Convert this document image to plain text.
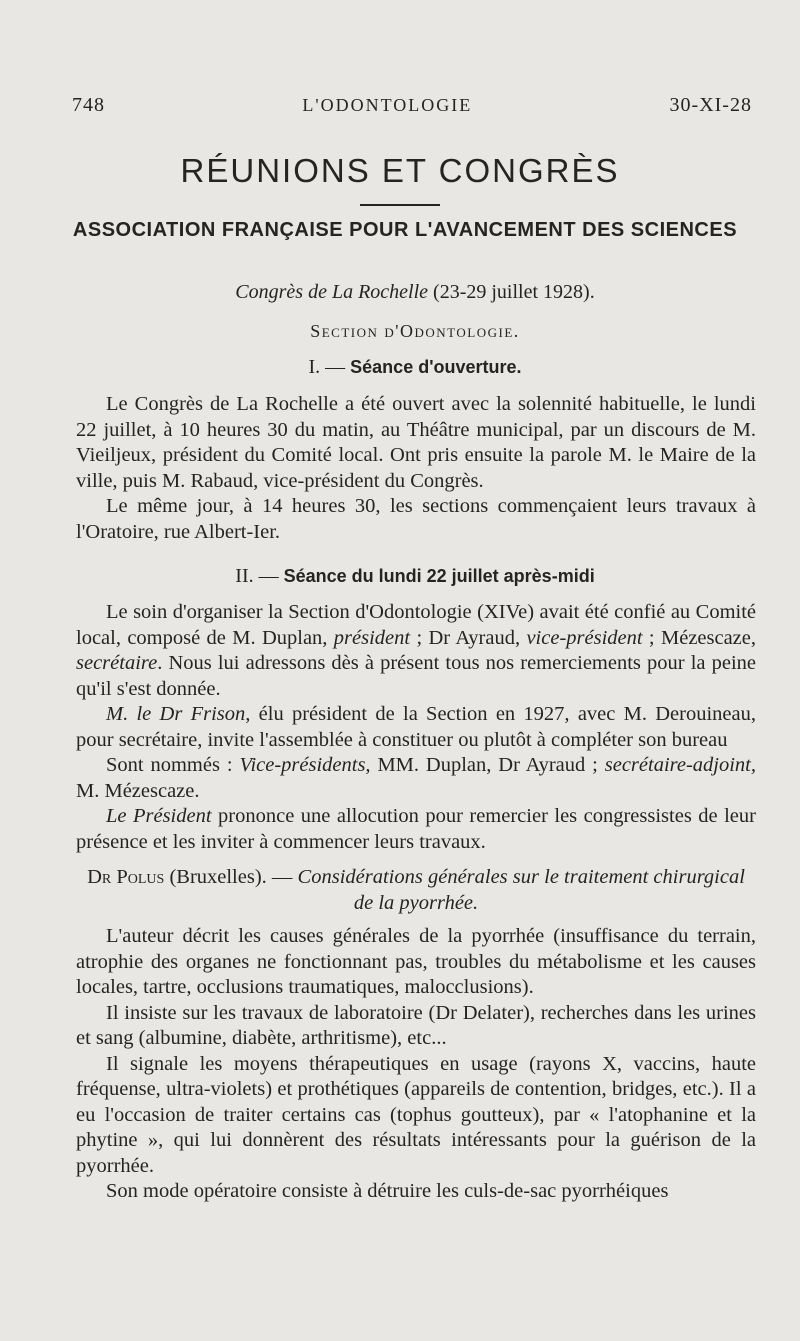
748	L'ODONTOLOGIE	30-XI-28
RÉUNIONS ET CONGRÈS
ASSOCIATION FRANÇAISE POUR L'AVANCEMENT DES SCIENCES
Congrès de La Rochelle (23-29 juillet 1928).
Section d'Odontologie.
I. — Séance d'ouverture.

Le Congrès de La Rochelle a été ouvert avec la solennité habituelle, le lundi 22 juillet, à 10 heures 30 du matin, au Théâtre municipal, par un discours de M. Vieiljeux, président du Comité local. Ont pris ensuite la parole M. le Maire de la ville, puis M. Rabaud, vice-président du Congrès.

Le même jour, à 14 heures 30, les sections commençaient leurs travaux à l'Oratoire, rue Albert-Ier.

II. — Séance du lundi 22 juillet après-midi

Le soin d'organiser la Section d'Odontologie (XIVe) avait été confié au Comité local, composé de M. Duplan, président ; Dr Ayraud, vice-président ; Mézescaze, secrétaire. Nous lui adressons dès à présent tous nos remerciements pour la peine qu'il s'est donnée.

M. le Dr Frison, élu président de la Section en 1927, avec M. Derouineau, pour secrétaire, invite l'assemblée à constituer ou plutôt à compléter son bureau

Sont nommés : Vice-présidents, MM. Duplan, Dr Ayraud ; secrétaire-adjoint, M. Mézescaze.

Le Président prononce une allocution pour remercier les congressistes de leur présence et les inviter à commencer leurs travaux.

Dr Polus (Bruxelles). — Considérations générales sur le traitement chirurgical de la pyorrhée.

L'auteur décrit les causes générales de la pyorrhée (insuffisance du terrain, atrophie des organes ne fonctionnant pas, troubles du métabolisme et les causes locales, tartre, occlusions traumatiques, malocclusions).

Il insiste sur les travaux de laboratoire (Dr Delater), recherches dans les urines et sang (albumine, diabète, arthritisme), etc...

Il signale les moyens thérapeutiques en usage (rayons X, vaccins, haute fréquense, ultra-violets) et prothétiques (appareils de contention, bridges, etc.). Il a eu l'occasion de traiter certains cas (tophus goutteux), par « l'atophanine et la phytine », qui lui donnèrent des résultats intéressants pour la guérison de la pyorrhée.

Son mode opératoire consiste à détruire les culs-de-sac pyorrhéiques
